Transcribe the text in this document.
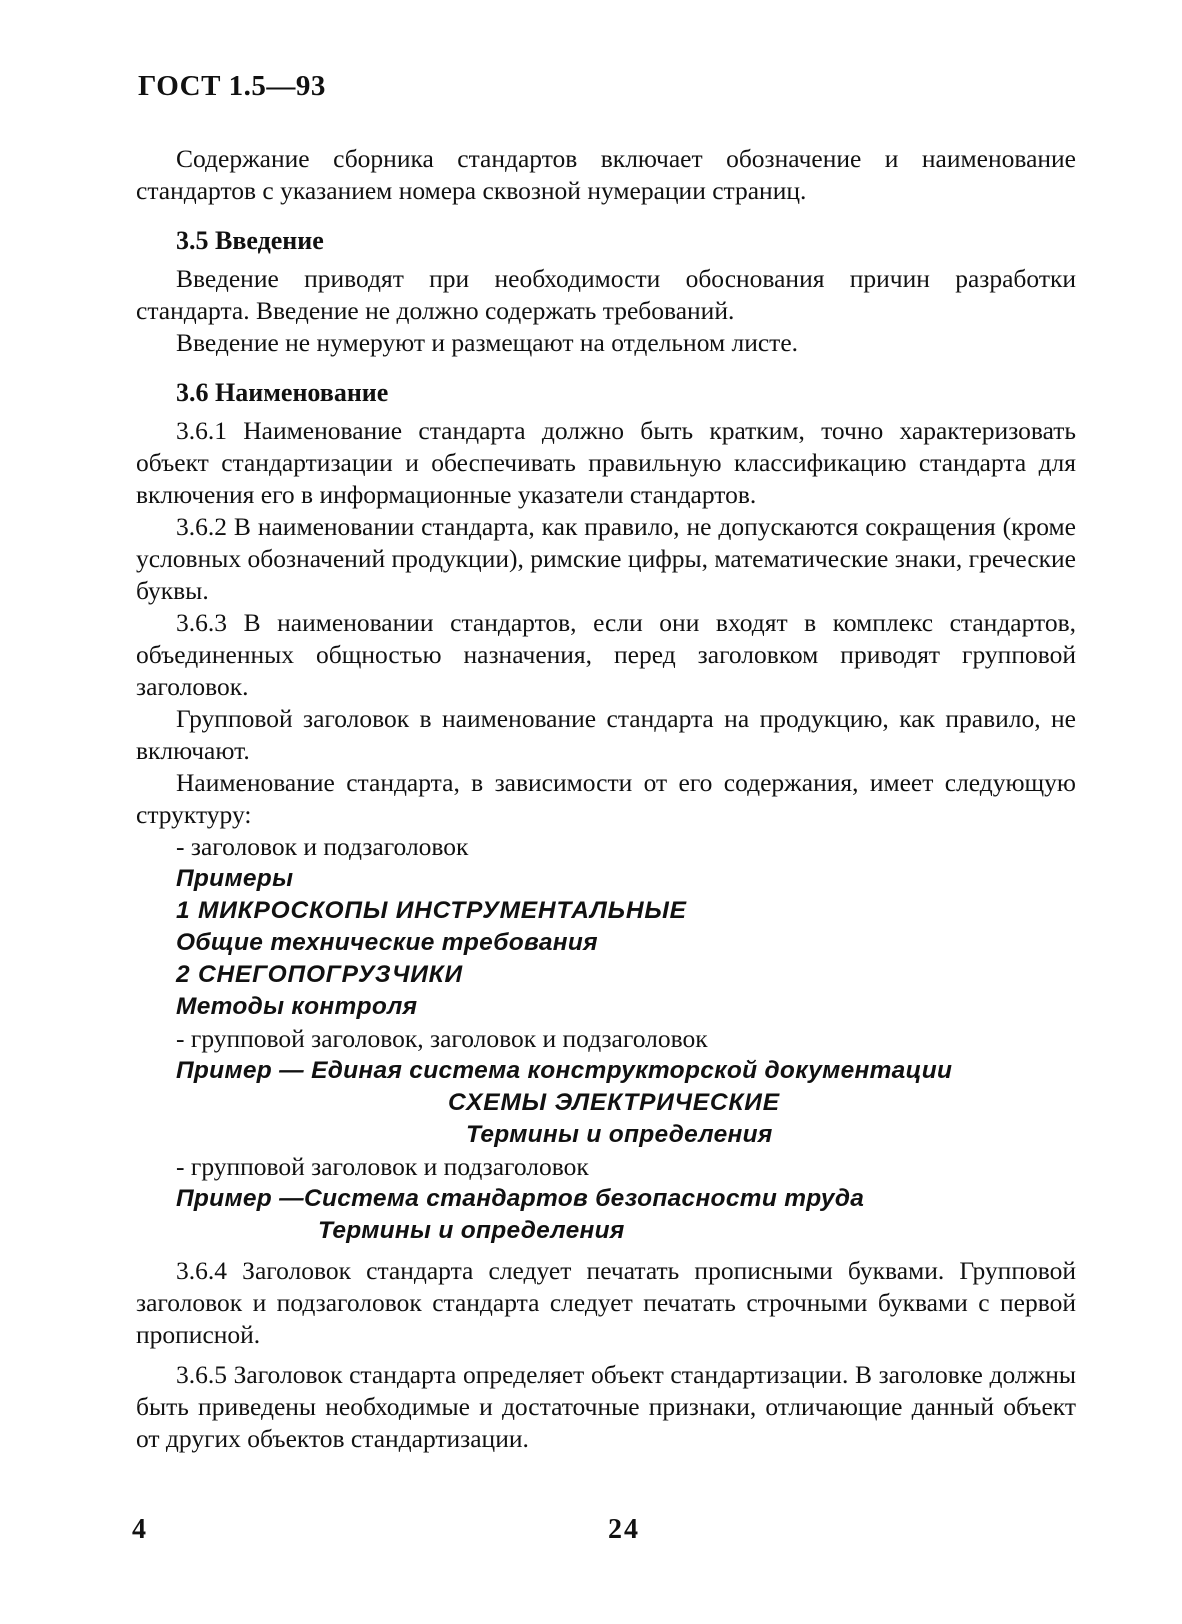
ГОСТ 1.5—93

Содержание сборника стандартов включает обозначение и наименование стандартов с указанием номера сквозной нумерации страниц.

3.5 Введение

Введение приводят при необходимости обоснования причин разработки стандарта. Введение не должно содержать требований.

Введение не нумеруют и размещают на отдельном листе.

3.6 Наименование

3.6.1 Наименование стандарта должно быть кратким, точно характеризовать объект стандартизации и обеспечивать правильную классификацию стандарта для включения его в информационные указатели стандартов.

3.6.2 В наименовании стандарта, как правило, не допускаются сокращения (кроме условных обозначений продукции), римские цифры, математические знаки, греческие буквы.

3.6.3 В наименовании стандартов, если они входят в комплекс стандартов, объединенных общностью назначения, перед заголовком приводят групповой заголовок.

Групповой заголовок в наименование стандарта на продукцию, как правило, не включают.

Наименование стандарта, в зависимости от его содержания, имеет следующую структуру:

- заголовок и подзаголовок
Примеры
1 МИКРОСКОПЫ ИНСТРУМЕНТАЛЬНЫЕ
Общие технические требования
2 СНЕГОПОГРУЗЧИКИ
Методы контроля
- групповой заголовок, заголовок и подзаголовок
Пример — Единая система конструкторской документации
СХЕМЫ ЭЛЕКТРИЧЕСКИЕ
Термины и определения
- групповой заголовок и подзаголовок
Пример —Система стандартов безопасности труда
Термины и определения

3.6.4 Заголовок стандарта следует печатать прописными буквами. Групповой заголовок и подзаголовок стандарта следует печатать строчными буквами с первой прописной.

3.6.5 Заголовок стандарта определяет объект стандартизации. В заголовке должны быть приведены необходимые и достаточные признаки, отличающие данный объект от других объектов стандартизации.

4	24
